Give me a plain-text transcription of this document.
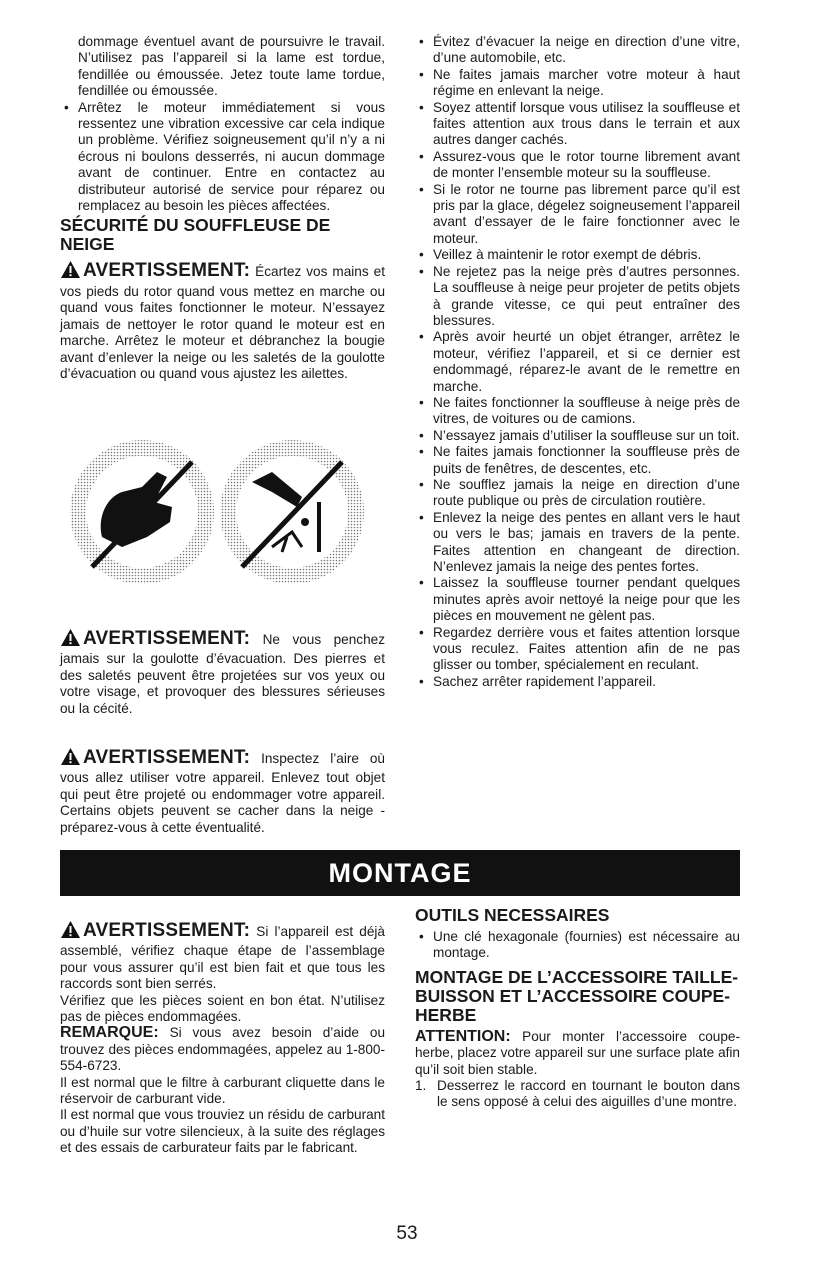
dommage éventuel avant de poursuivre le travail. N’utilisez pas l’appareil si la lame est tordue, fendillée ou émoussée. Jetez toute lame tordue, fendillée ou émoussée.

• Arrêtez le moteur immédiatement si vous ressentez une vibration excessive car cela indique un problème. Vérifiez soigneusement qu’il n’y a ni écrous ni boulons desserrés, ni aucun dommage avant de continuer. Entre en contactez au distributeur autorisé de service pour réparez ou remplacez au besoin les pièces affectées.
SÉCURITÉ DU SOUFFLEUSE DE NEIGE

AVERTISSEMENT: Écartez vos mains et vos pieds du rotor quand vous mettez en marche ou quand vous faites fonctionner le moteur. N’essayez jamais de nettoyer le rotor quand le moteur est en marche. Arrêtez le moteur et débranchez la bougie avant d’enlever la neige ou les saletés de la goulotte d’évacuation ou quand vous ajustez les ailettes.

AVERTISSEMENT: Ne vous penchez jamais sur la goulotte d’évacuation. Des pierres et des saletés peuvent être projetées sur vos yeux ou votre visage, et provoquer des blessures sérieuses ou la cécité.

AVERTISSEMENT: Inspectez l’aire où vous allez utiliser votre appareil. Enlevez tout objet qui peut être projeté ou endommager votre appareil. Certains objets peuvent se cacher dans la neige - préparez-vous à cette éventualité.

• Évitez d’évacuer la neige en direction d’une vitre, d’une automobile, etc.
• Ne faites jamais marcher votre moteur à haut régime en enlevant la neige.
• Soyez attentif lorsque vous utilisez la souffleuse et faites attention aux trous dans le terrain et aux autres danger cachés.
• Assurez-vous que le rotor tourne librement avant de monter l’ensemble moteur su la souffleuse.
• Si le rotor ne tourne pas librement parce qu’il est pris par la glace, dégelez soigneusement l’appareil avant d’essayer de le faire fonctionner avec le moteur.
• Veillez à maintenir le rotor exempt de débris.
• Ne rejetez pas la neige près d’autres personnes. La souffleuse à neige peur projeter de petits objets à grande vitesse, ce qui peut entraîner des blessures.
• Après avoir heurté un objet étranger, arrêtez le moteur, vérifiez l’appareil, et si ce dernier est endommagé, réparez-le avant de le remettre en marche.
• Ne faites fonctionner la souffleuse à neige près de vitres, de voitures ou de camions.
• N’essayez jamais d’utiliser la souffleuse sur un toit.
• Ne faites jamais fonctionner la souffleuse près de puits de fenêtres, de descentes, etc.
• Ne soufflez jamais la neige en direction d’une route publique ou près de circulation routière.
• Enlevez la neige des pentes en allant vers le haut ou vers le bas; jamais en travers de la pente. Faites attention en changeant de direction. N’enlevez jamais la neige des pentes fortes.
• Laissez la souffleuse tourner pendant quelques minutes après avoir nettoyé la neige pour que les pièces en mouvement ne gèlent pas.
• Regardez derrière vous et faites attention lorsque vous reculez. Faites attention afin de ne pas glisser ou tomber, spécialement en reculant.
• Sachez arrêter rapidement l’appareil.
MONTAGE

AVERTISSEMENT: Si l’appareil est déjà assemblé, vérifiez chaque étape de l’assemblage pour vous assurer qu’il est bien fait et que tous les raccords sont bien serrés.

Vérifiez que les pièces soient en bon état. N’utilisez pas de pièces endommagées.

REMARQUE: Si vous avez besoin d’aide ou trouvez des pièces endommagées, appelez au 1-800-554-6723.

Il est normal que le filtre à carburant cliquette dans le réservoir de carburant vide.

Il est normal que vous trouviez un résidu de carburant ou d’huile sur votre silencieux, à la suite des réglages et des essais de carburateur faits par le fabricant.

OUTILS NECESSAIRES
• Une clé hexagonale (fournies) est nécessaire au montage.
MONTAGE DE L’ACCESSOIRE TAILLE-BUISSON ET L’ACCESSOIRE COUPE-HERBE

ATTENTION: Pour monter l’accessoire coupe-herbe, placez votre appareil sur une surface plate afin qu’il soit bien stable.

1. Desserrez le raccord en tournant le bouton dans le sens opposé à celui des aiguilles d’une montre.
53
